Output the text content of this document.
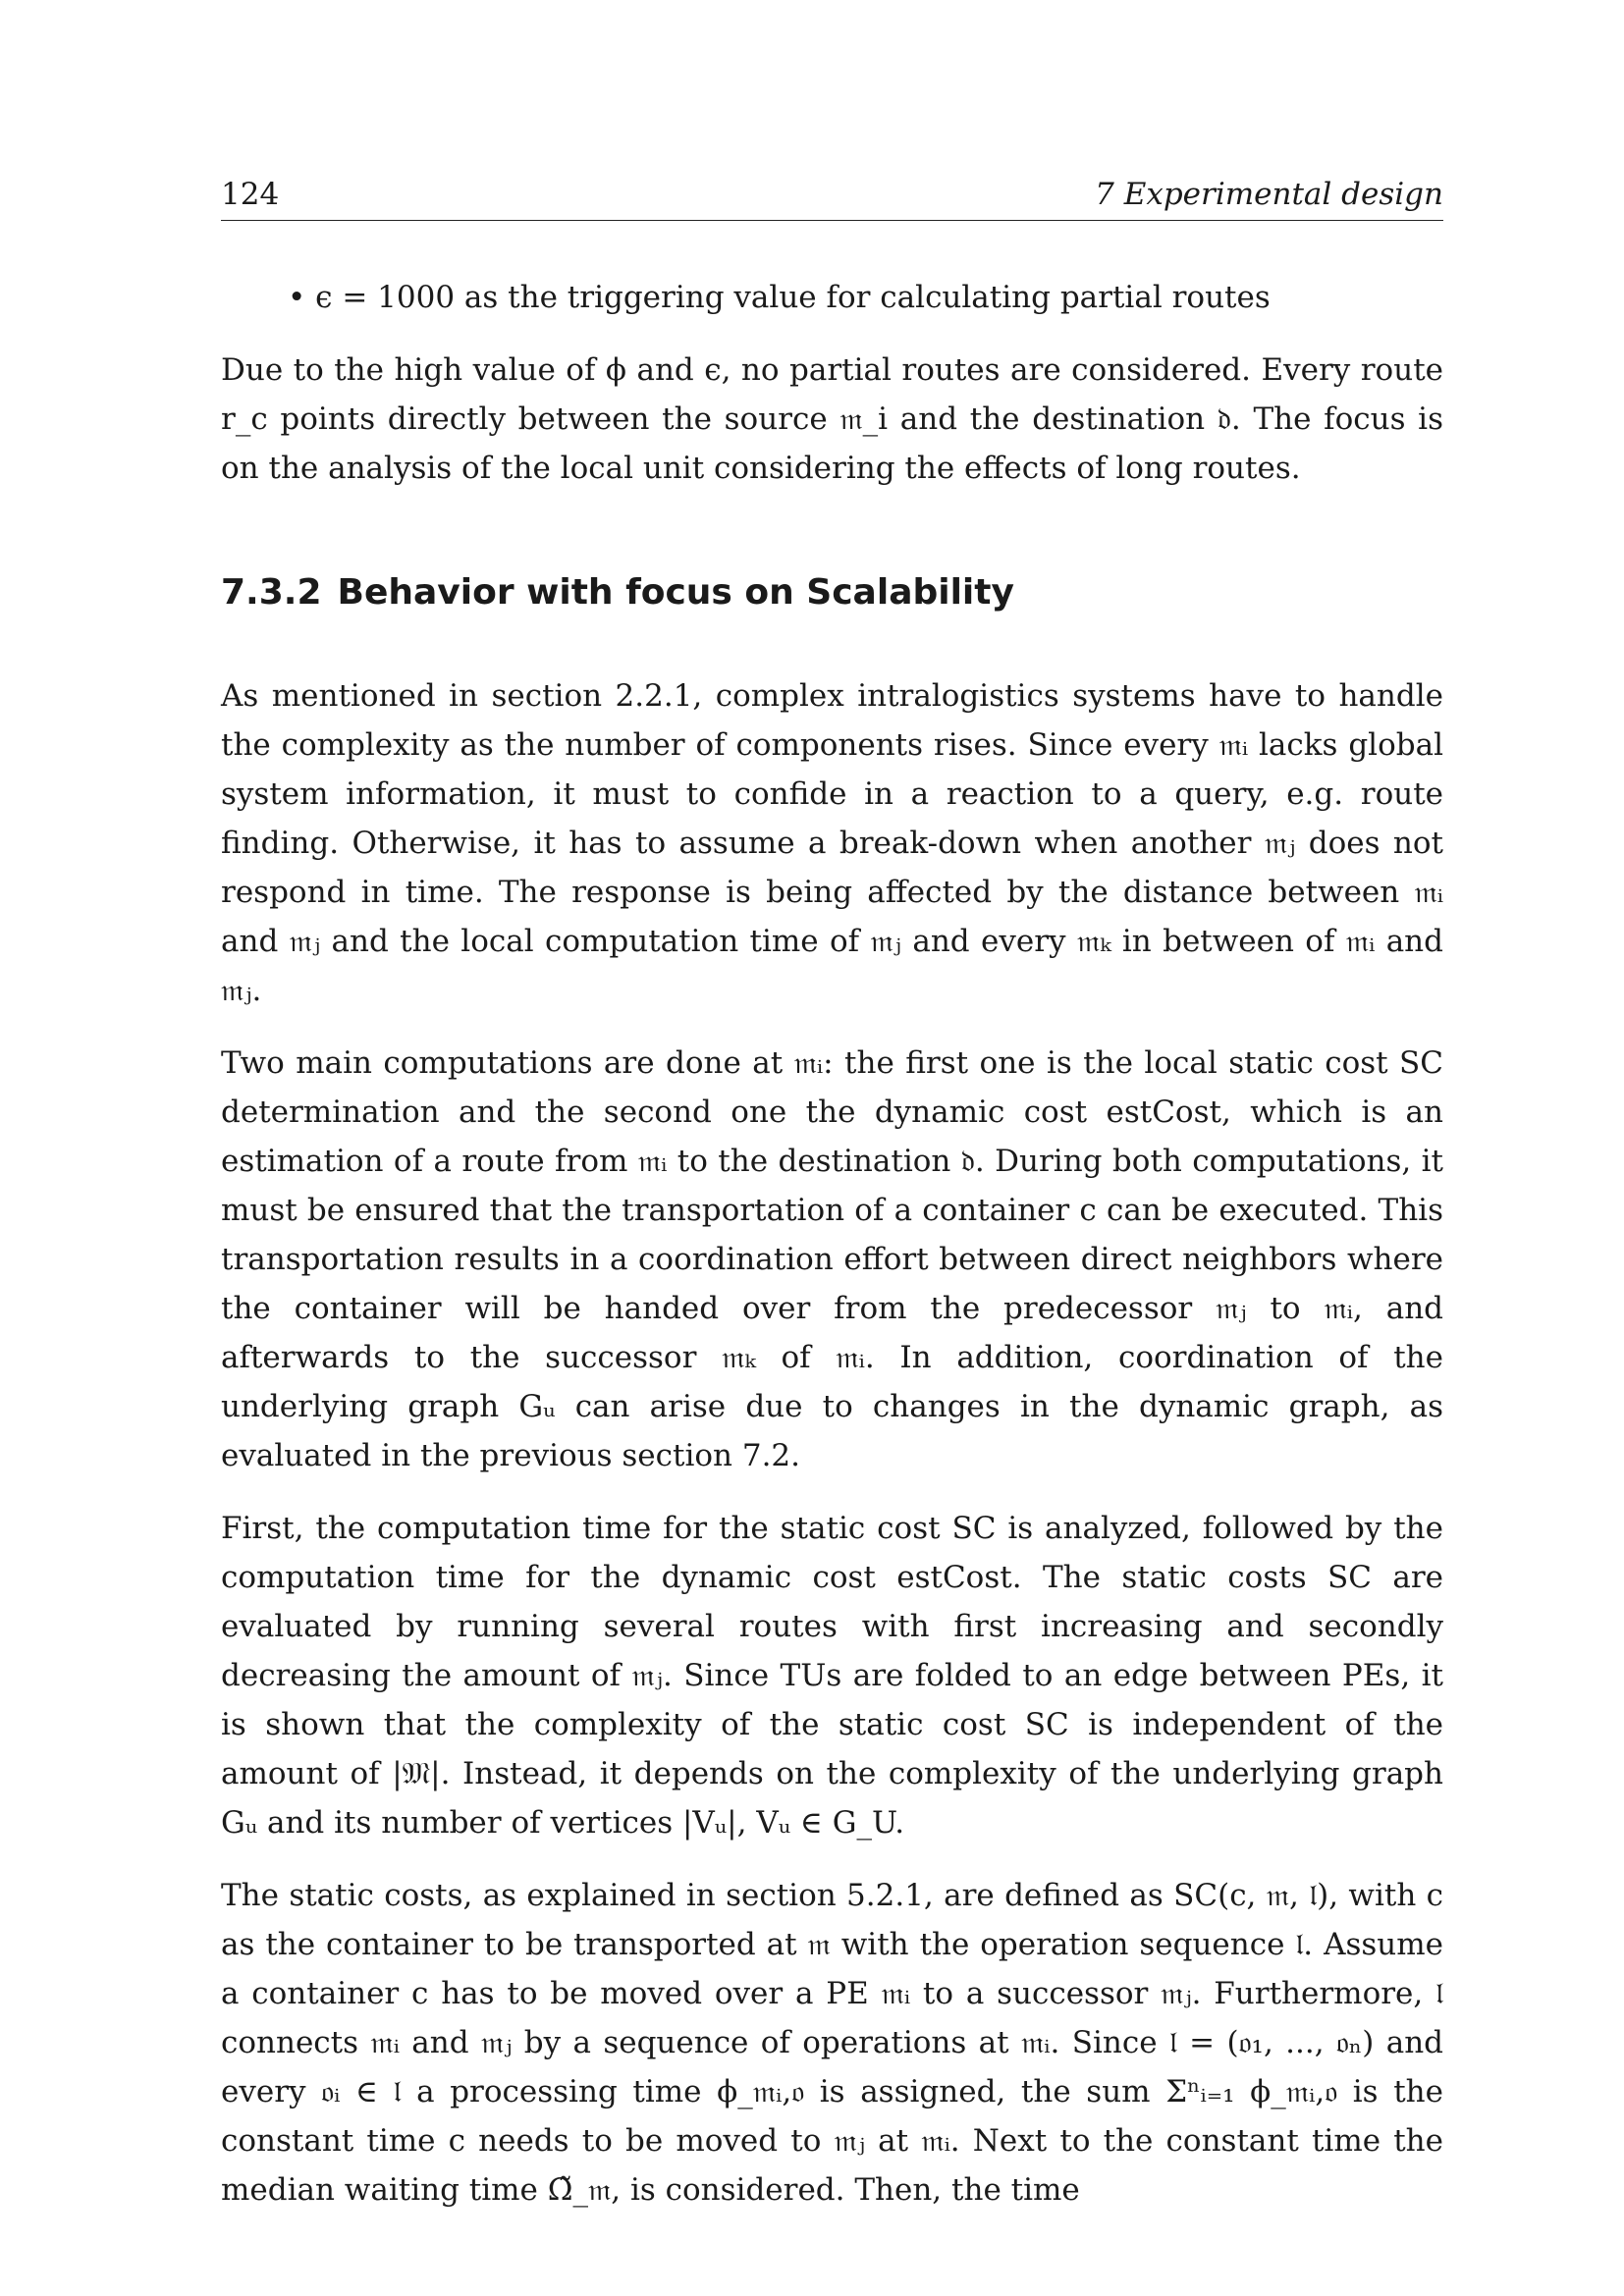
124	7 Experimental design
• ϵ = 1000 as the triggering value for calculating partial routes

Due to the high value of ϕ and ϵ, no partial routes are considered. Every route r_c points directly between the source 𝔪_i and the destination 𝔡. The focus is on the analysis of the local unit considering the effects of long routes.

7.3.2 Behavior with focus on Scalability

As mentioned in section 2.2.1, complex intralogistics systems have to handle the complexity as the number of components rises. Since every 𝔪ᵢ lacks global system information, it must to confide in a reaction to a query, e.g. route finding. Otherwise, it has to assume a break-down when another 𝔪ⱼ does not respond in time. The response is being affected by the distance between 𝔪ᵢ and 𝔪ⱼ and the local computation time of 𝔪ⱼ and every 𝔪ₖ in between of 𝔪ᵢ and 𝔪ⱼ.

Two main computations are done at 𝔪ᵢ: the first one is the local static cost SC determination and the second one the dynamic cost estCost, which is an estimation of a route from 𝔪ᵢ to the destination 𝔡. During both computations, it must be ensured that the transportation of a container c can be executed. This transportation results in a coordination effort between direct neighbors where the container will be handed over from the predecessor 𝔪ⱼ to 𝔪ᵢ, and afterwards to the successor 𝔪ₖ of 𝔪ᵢ. In addition, coordination of the underlying graph Gᵤ can arise due to changes in the dynamic graph, as evaluated in the previous section 7.2.

First, the computation time for the static cost SC is analyzed, followed by the computation time for the dynamic cost estCost. The static costs SC are evaluated by running several routes with first increasing and secondly decreasing the amount of 𝔪ⱼ. Since TUs are folded to an edge between PEs, it is shown that the complexity of the static cost SC is independent of the amount of |𝔐|. Instead, it depends on the complexity of the underlying graph Gᵤ and its number of vertices |Vᵤ|, Vᵤ ∈ G_U.

The static costs, as explained in section 5.2.1, are defined as SC(c, 𝔪, 𝔩), with c as the container to be transported at 𝔪 with the operation sequence 𝔩. Assume a container c has to be moved over a PE 𝔪ᵢ to a successor 𝔪ⱼ. Furthermore, 𝔩 connects 𝔪ᵢ and 𝔪ⱼ by a sequence of operations at 𝔪ᵢ. Since 𝔩 = (𝔬₁, ..., 𝔬ₙ) and every 𝔬ᵢ ∈ 𝔩 a processing time ϕ_𝔪ᵢ,𝔬 is assigned, the sum Σⁿᵢ₌₁ ϕ_𝔪ᵢ,𝔬 is the constant time c needs to be moved to 𝔪ⱼ at 𝔪ᵢ. Next to the constant time the median waiting time Ω̃_𝔪, is considered. Then, the time
